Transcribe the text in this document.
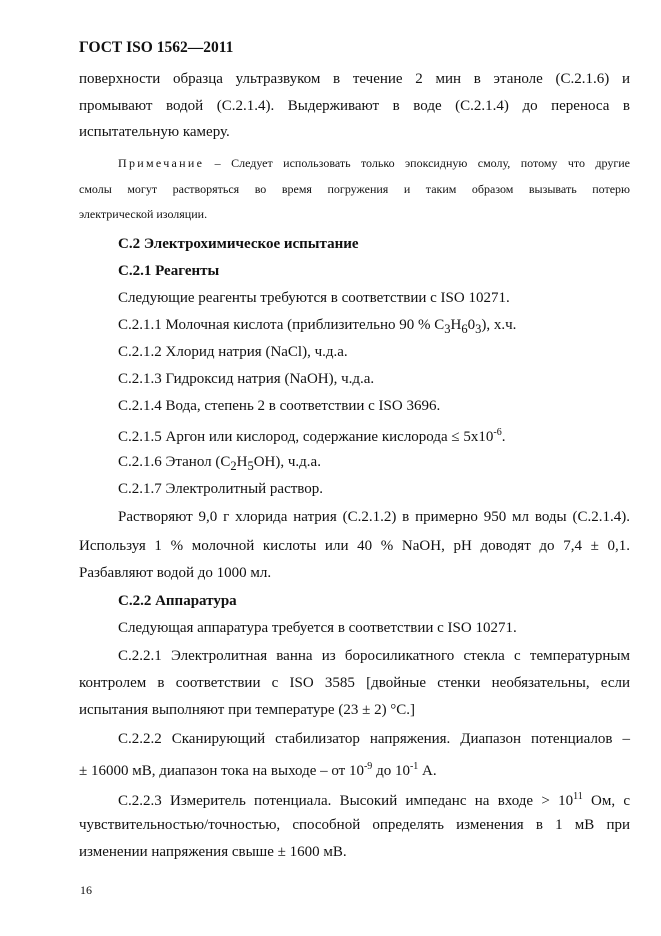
ГОСТ ISO 1562—2011

поверхности образца ультразвуком в течение 2 мин в этаноле (С.2.1.6) и

промывают водой (С.2.1.4). Выдерживают в воде (С.2.1.4) до переноса в

испытательную камеру.

Примечание – Следует использовать только эпоксидную смолу, потому что другие
смолы могут растворяться во время погружения и таким образом вызывать потерю
электрической изоляции.

С.2 Электрохимическое испытание

С.2.1 Реагенты

Следующие реагенты требуются в соответствии с ISO 10271.

С.2.1.1 Молочная кислота (приблизительно 90 % $С_3Н_60_3$), х.ч.

С.2.1.2 Хлорид натрия (NaCl), ч.д.а.

С.2.1.3 Гидроксид натрия (NaOH), ч.д.а.

С.2.1.4 Вода, степень 2 в соответствии с ISO 3696.

С.2.1.5 Аргон или кислород, содержание кислорода ≤ $5х10^{-6}$.

С.2.1.6 Этанол $(С_2Н_5ОН)$, ч.д.а.

С.2.1.7 Электролитный раствор.

Растворяют 9,0 г хлорида натрия (С.2.1.2) в примерно 950 мл воды (С.2.1.4).

Используя 1 % молочной кислоты или 40 % NaOH, pH доводят до 7,4 ± 0,1.

Разбавляют водой до 1000 мл.

С.2.2 Аппаратура

Следующая аппаратура требуется в соответствии с ISO 10271.

С.2.2.1 Электролитная ванна из боросиликатного стекла с температурным

контролем в соответствии с ISO 3585 [двойные стенки необязательны, если

испытания выполняют при температуре (23 ± 2) °С.]

С.2.2.2 Сканирующий стабилизатор напряжения. Диапазон потенциалов –

± 16000 мВ, диапазон тока на выходе – от $10^{-9}$ до $10^{-1}$ А.

С.2.2.3 Измеритель потенциала. Высокий импеданс на входе > $10^{11}$ Ом, с

чувствительностью/точностью, способной определять изменения в 1 мВ при

изменении напряжения свыше ± 1600 мВ.

16
